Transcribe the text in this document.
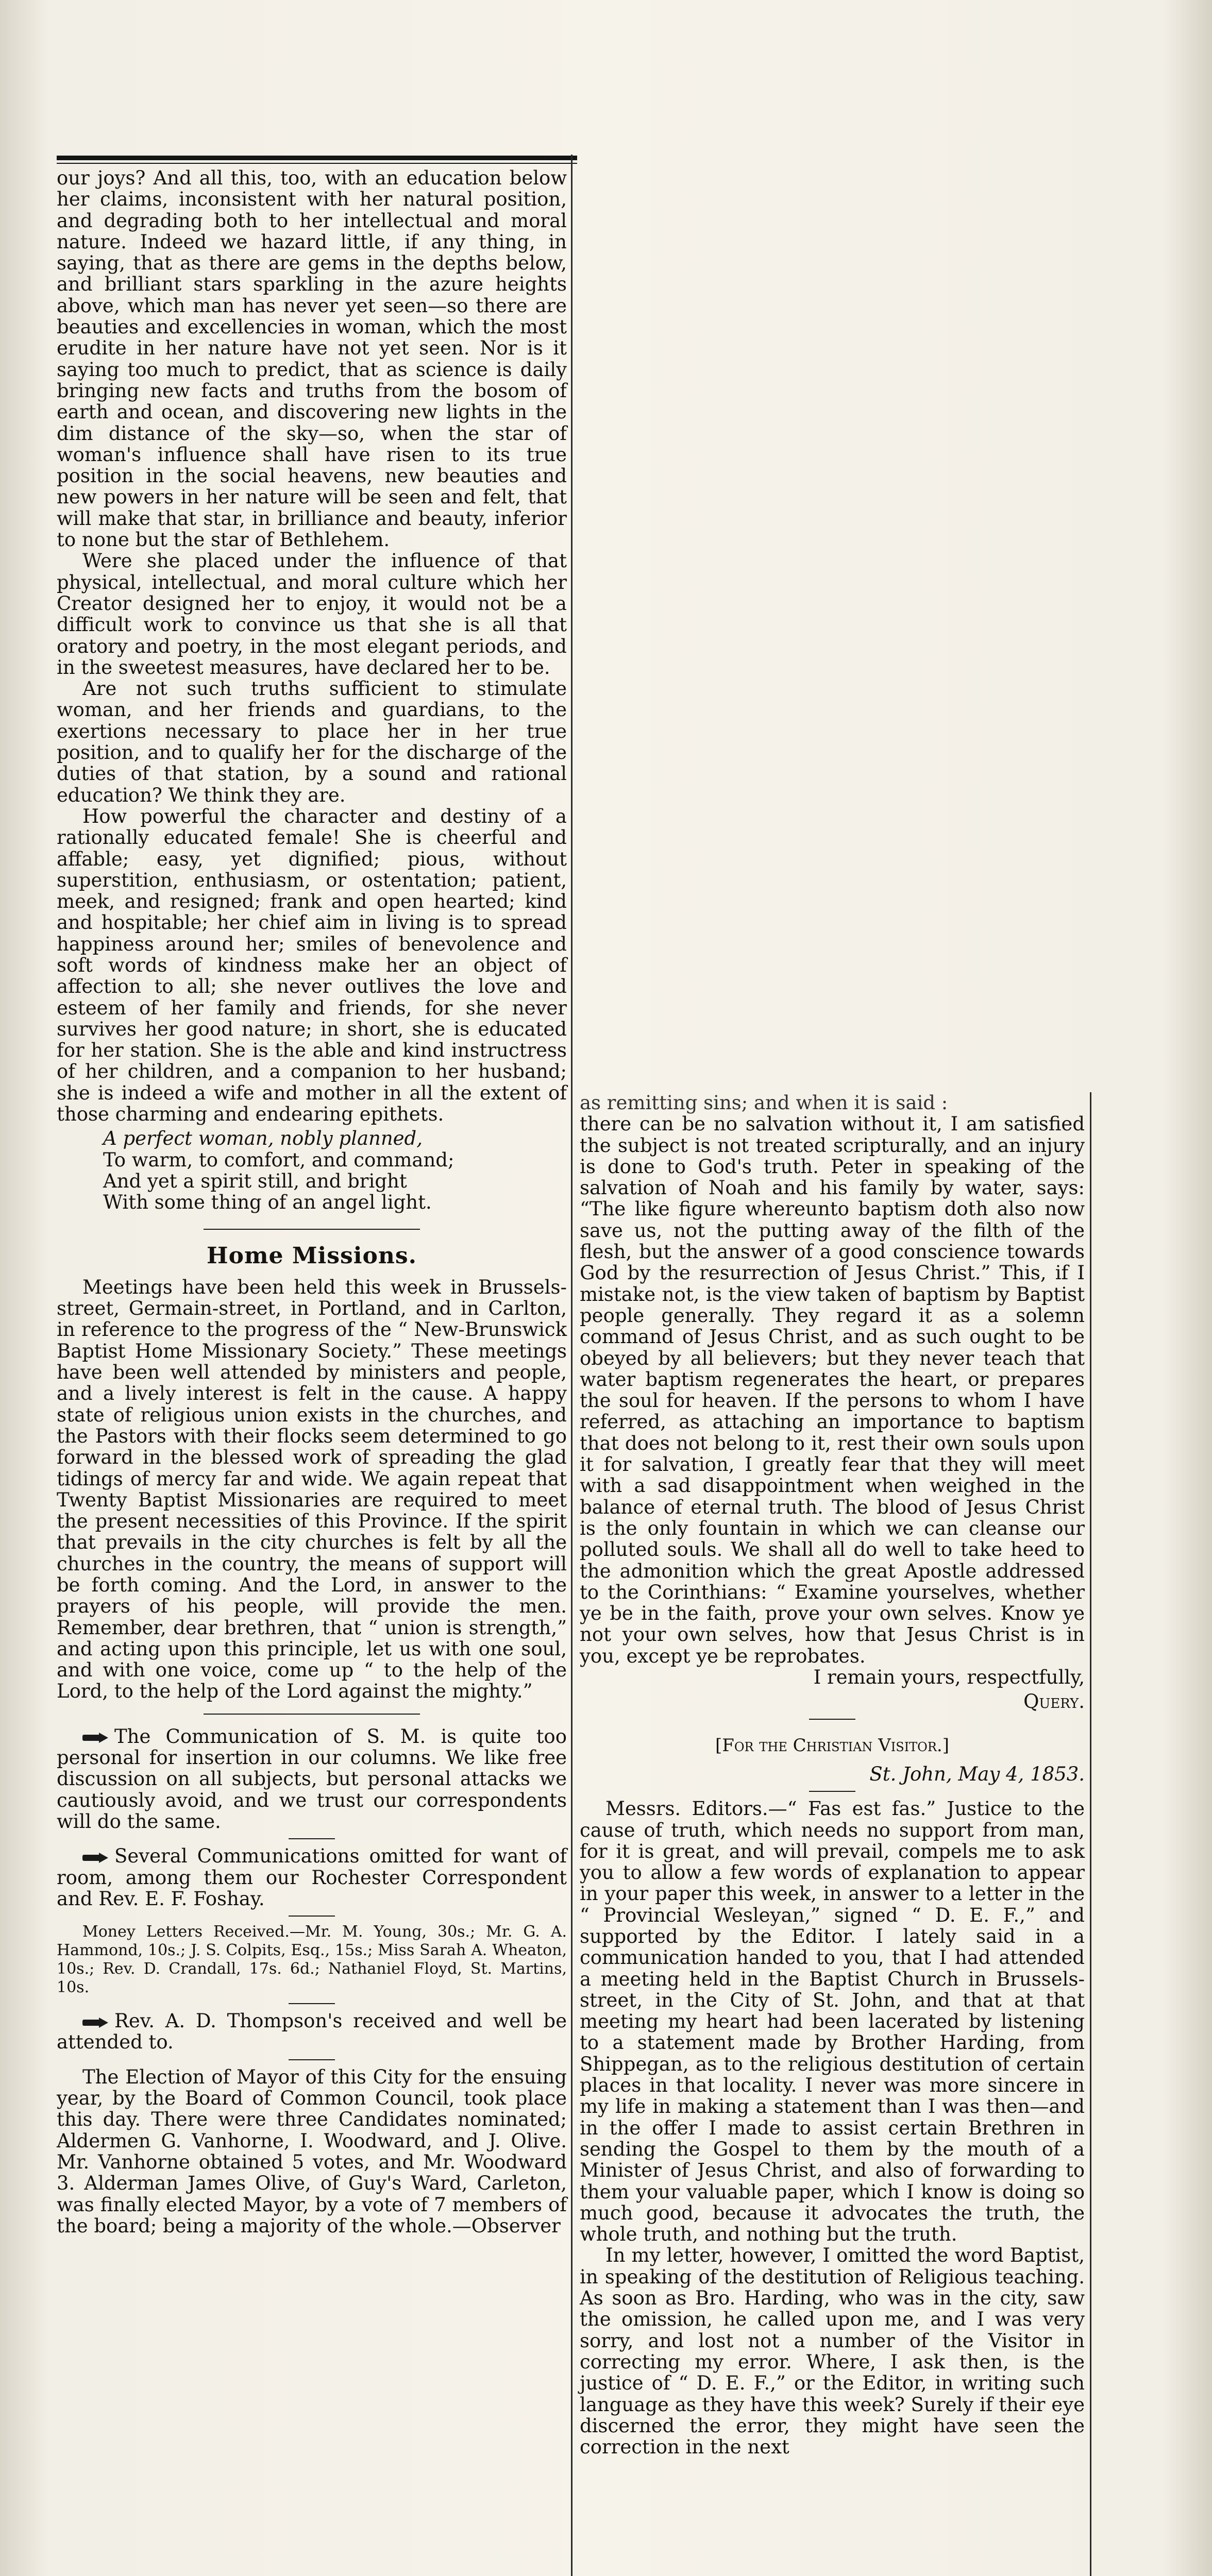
our joys? And all this, too, with an education below her claims, inconsistent with her natural position, and degrading both to her intellectual and moral nature. Indeed we hazard little, if any thing, in saying, that as there are gems in the depths below, and brilliant stars sparkling in the azure heights above, which man has never yet seen—so there are beauties and excellencies in woman, which the most erudite in her nature have not yet seen. Nor is it saying too much to predict, that as science is daily bringing new facts and truths from the bosom of earth and ocean, and discovering new lights in the dim distance of the sky—so, when the star of woman's influence shall have risen to its true position in the social heavens, new beauties and new powers in her nature will be seen and felt, that will make that star, in brilliance and beauty, inferior to none but the star of Bethlehem.

Were she placed under the influence of that physical, intellectual, and moral culture which her Creator designed her to enjoy, it would not be a difficult work to convince us that she is all that oratory and poetry, in the most elegant periods, and in the sweetest measures, have declared her to be.

Are not such truths sufficient to stimulate woman, and her friends and guardians, to the exertions necessary to place her in her true position, and to qualify her for the discharge of the duties of that station, by a sound and rational education? We think they are.

How powerful the character and destiny of a rationally educated female! She is cheerful and affable; easy, yet dignified; pious, without superstition, enthusiasm, or ostentation; patient, meek, and resigned; frank and open hearted; kind and hospitable; her chief aim in living is to spread happiness around her; smiles of benevolence and soft words of kindness make her an object of affection to all; she never outlives the love and esteem of her family and friends, for she never survives her good nature; in short, she is educated for her station. She is the able and kind instructress of her children, and a companion to her husband; she is indeed a wife and mother in all the extent of those charming and endearing epithets.

A perfect woman, nobly planned,
To warm, to comfort, and command;
And yet a spirit still, and bright
With some thing of an angel light.
Home Missions.

Meetings have been held this week in Brussels-street, Germain-street, in Portland, and in Carlton, in reference to the progress of the “ New-Brunswick Baptist Home Missionary Society.” These meetings have been well attended by ministers and people, and a lively interest is felt in the cause. A happy state of religious union exists in the churches, and the Pastors with their flocks seem determined to go forward in the blessed work of spreading the glad tidings of mercy far and wide. We again repeat that Twenty Baptist Missionaries are required to meet the present necessities of this Province. If the spirit that prevails in the city churches is felt by all the churches in the country, the means of support will be forth coming. And the Lord, in answer to the prayers of his people, will provide the men. Remember, dear brethren, that “ union is strength,” and acting upon this principle, let us with one soul, and with one voice, come up “ to the help of the Lord, to the help of the Lord against the mighty.”

The Communication of S. M. is quite too personal for insertion in our columns. We like free discussion on all subjects, but personal attacks we cautiously avoid, and we trust our correspondents will do the same.

Several Communications omitted for want of room, among them our Rochester Correspondent and Rev. E. F. Foshay.

Money Letters Received.—Mr. M. Young, 30s.; Mr. G. A. Hammond, 10s.; J. S. Colpits, Esq., 15s.; Miss Sarah A. Wheaton, 10s.; Rev. D. Crandall, 17s. 6d.; Nathaniel Floyd, St. Martins, 10s.

Rev. A. D. Thompson's received and well be attended to.

The Election of Mayor of this City for the ensuing year, by the Board of Common Council, took place this day. There were three Candidates nominated; Aldermen G. Vanhorne, I. Woodward, and J. Olive. Mr. Vanhorne obtained 5 votes, and Mr. Woodward 3. Alderman James Olive, of Guy's Ward, Carleton, was finally elected Mayor, by a vote of 7 members of the board; being a majority of the whole.—Observer

as remitting sins; and when it is said :

there can be no salvation without it, I am satisfied the subject is not treated scripturally, and an injury is done to God's truth. Peter in speaking of the salvation of Noah and his family by water, says: “The like figure whereunto baptism doth also now save us, not the putting away of the filth of the flesh, but the answer of a good conscience towards God by the resurrection of Jesus Christ.” This, if I mistake not, is the view taken of baptism by Baptist people generally. They regard it as a solemn command of Jesus Christ, and as such ought to be obeyed by all believers; but they never teach that water baptism regenerates the heart, or prepares the soul for heaven. If the persons to whom I have referred, as attaching an importance to baptism that does not belong to it, rest their own souls upon it for salvation, I greatly fear that they will meet with a sad disappointment when weighed in the balance of eternal truth. The blood of Jesus Christ is the only fountain in which we can cleanse our polluted souls. We shall all do well to take heed to the admonition which the great Apostle addressed to the Corinthians: “ Examine yourselves, whether ye be in the faith, prove your own selves. Know ye not your own selves, how that Jesus Christ is in you, except ye be reprobates.

I remain yours, respectfully,

Query.

[For the Christian Visitor.]

St. John, May 4, 1853.

Messrs. Editors.—“ Fas est fas.” Justice to the cause of truth, which needs no support from man, for it is great, and will prevail, compels me to ask you to allow a few words of explanation to appear in your paper this week, in answer to a letter in the “ Provincial Wesleyan,” signed “ D. E. F.,” and supported by the Editor. I lately said in a communication handed to you, that I had attended a meeting held in the Baptist Church in Brussels-street, in the City of St. John, and that at that meeting my heart had been lacerated by listening to a statement made by Brother Harding, from Shippegan, as to the religious destitution of certain places in that locality. I never was more sincere in my life in making a statement than I was then—and in the offer I made to assist certain Brethren in sending the Gospel to them by the mouth of a Minister of Jesus Christ, and also of forwarding to them your valuable paper, which I know is doing so much good, because it advocates the truth, the whole truth, and nothing but the truth.

In my letter, however, I omitted the word Baptist, in speaking of the destitution of Religious teaching. As soon as Bro. Harding, who was in the city, saw the omission, he called upon me, and I was very sorry, and lost not a number of the Visitor in correcting my error. Where, I ask then, is the justice of “ D. E. F.,” or the Editor, in writing such language as they have this week? Surely if their eye discerned the error, they might have seen the correction in the next
